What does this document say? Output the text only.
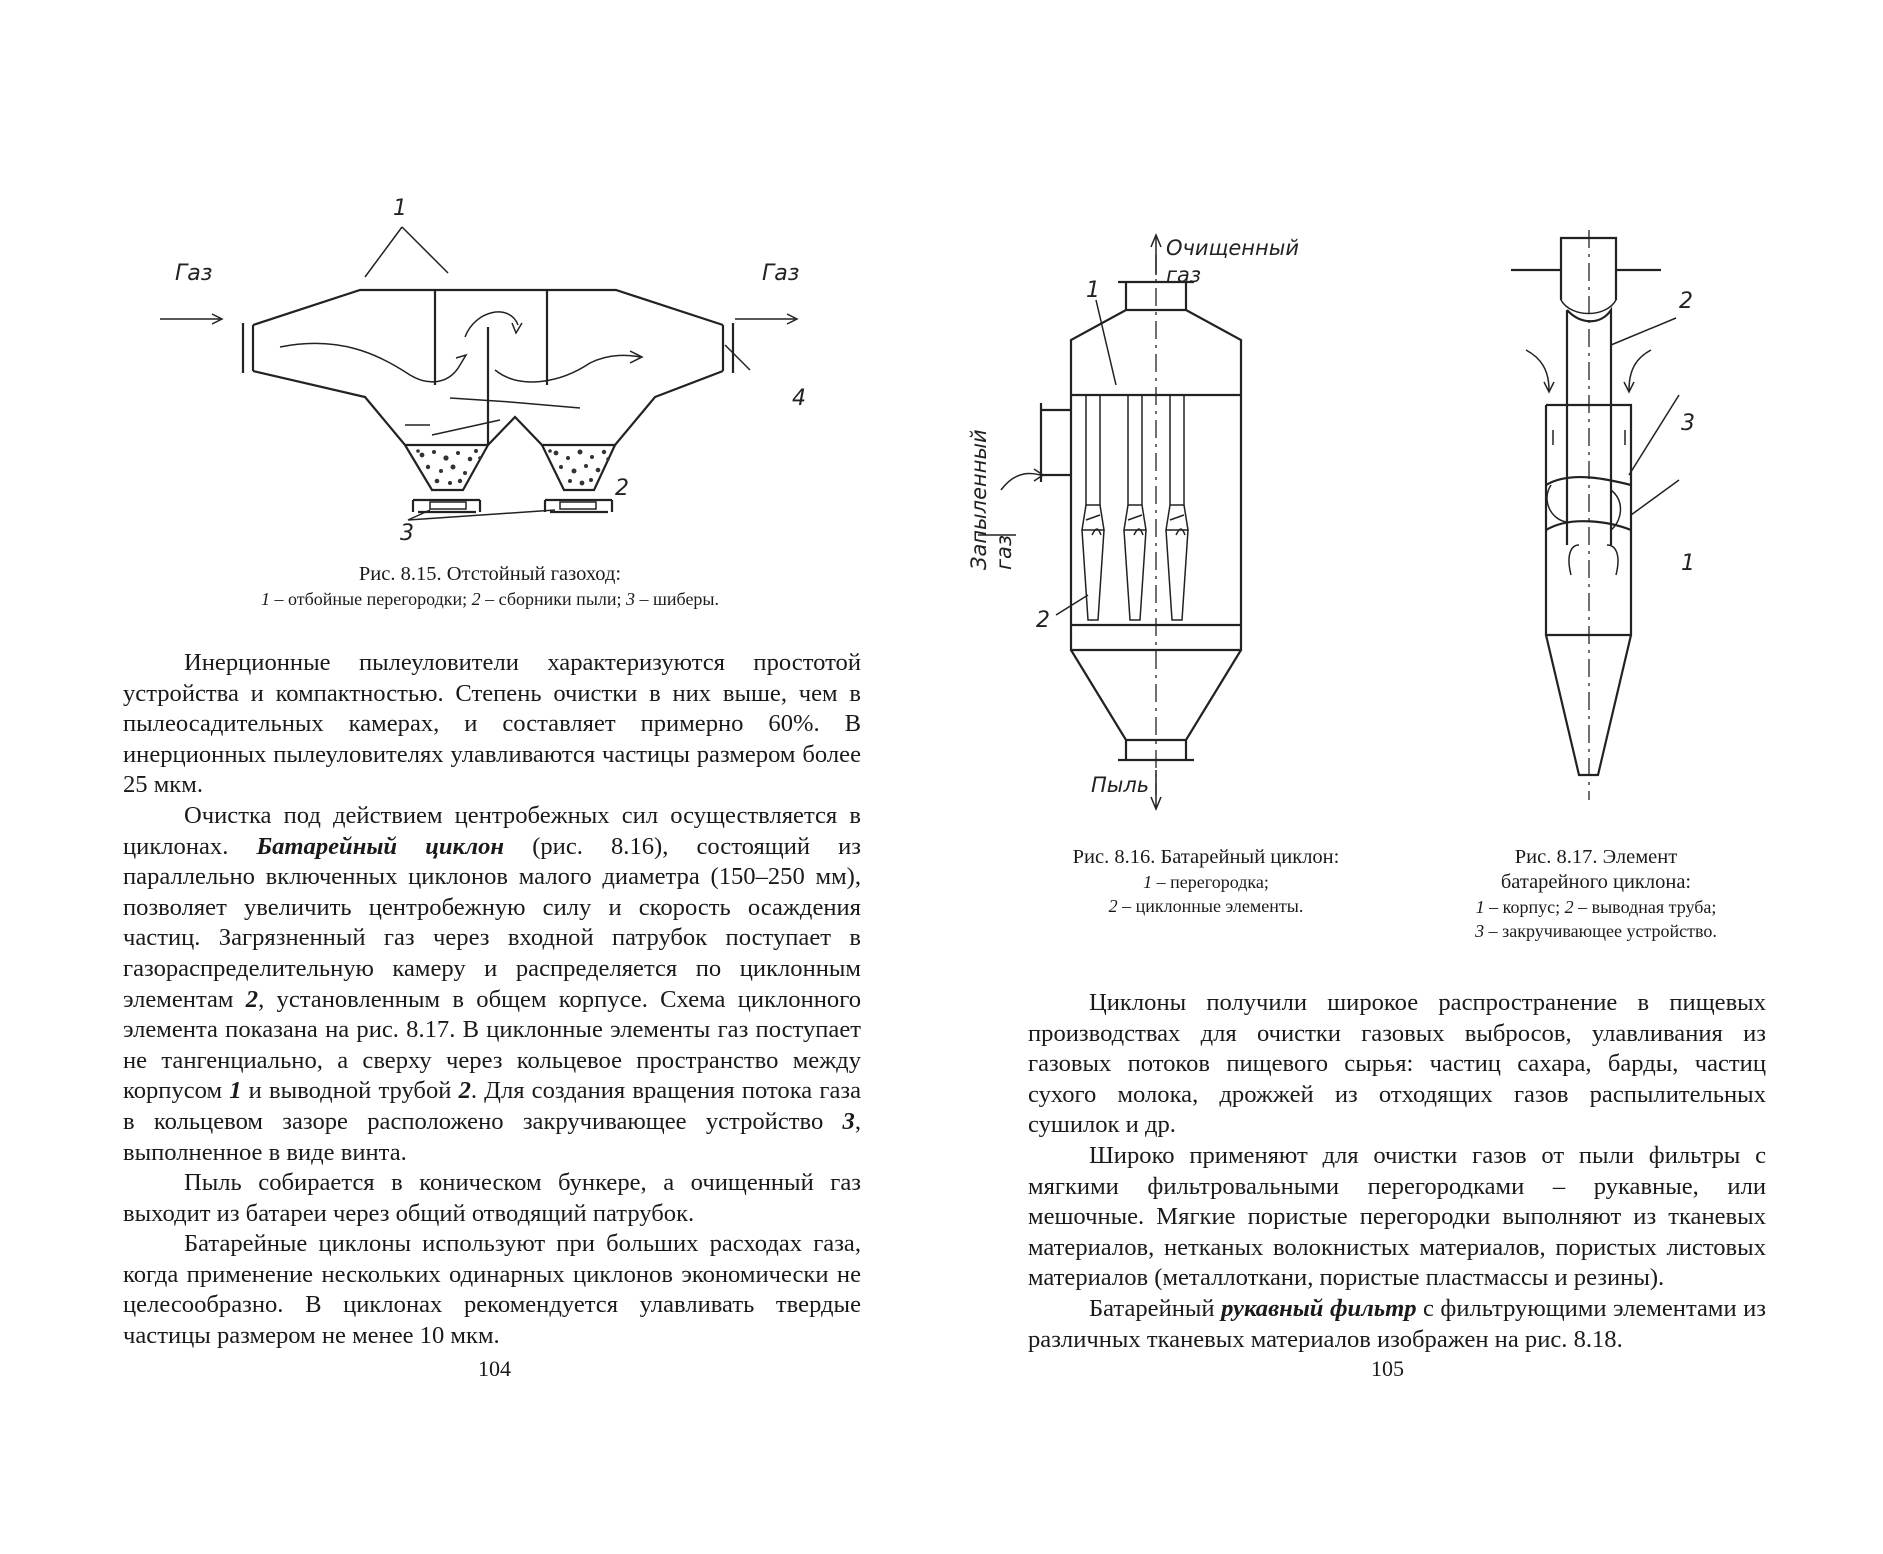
Газ	Газ
1
2
3
4
Рис. 8.15. Отстойный газоход:
1 – отбойные перегородки; 2 – сборники пыли; 3 – шиберы.

Инерционные пылеуловители характеризуются простотой устройства и компактностью. Степень очистки в них выше, чем в пылеосадительных камерах, и составляет примерно 60%. В инерционных пылеуловителях улавливаются частицы размером более 25 мкм.

Очистка под действием центробежных сил осуществляется в циклонах. Батарейный циклон (рис. 8.16), состоящий из параллельно включенных циклонов малого диаметра (150–250 мм), позволяет увеличить центробежную силу и скорость осаждения частиц. Загрязненный газ через входной патрубок поступает в газораспределительную камеру и распределяется по циклонным элементам 2, установленным в общем корпусе. Схема циклонного элемента показана на рис. 8.17. В циклонные элементы газ поступает не тангенциально, а сверху через кольцевое пространство между корпусом 1 и выводной трубой 2. Для создания вращения потока газа в кольцевом зазоре расположено закручивающее устройство 3, выполненное в виде винта.

Пыль собирается в коническом бункере, а очищенный газ выходит из батареи через общий отводящий патрубок.

Батарейные циклоны используют при больших расходах газа, когда применение нескольких одинарных циклонов экономически не целесообразно. В циклонах рекомендуется улавливать твердые частицы размером не менее 10 мкм.

104
Очищенный
газ
Запыленный газ
Пыль
1
2
2
3
1
Рис. 8.16. Батарейный циклон:
1 – перегородка;
2 – циклонные элементы.
Рис. 8.17. Элемент
батарейного циклона:
1 – корпус; 2 – выводная труба;
3 – закручивающее устройство.

Циклоны получили широкое распространение в пищевых производствах для очистки газовых выбросов, улавливания из газовых потоков пищевого сырья: частиц сахара, барды, частиц сухого молока, дрожжей из отходящих газов распылительных сушилок и др.

Широко применяют для очистки газов от пыли фильтры с мягкими фильтровальными перегородками – рукавные, или мешочные. Мягкие пористые перегородки выполняют из тканевых материалов, нетканых волокнистых материалов, пористых листовых материалов (металлоткани, пористые пластмассы и резины).

Батарейный рукавный фильтр с фильтрующими элементами из различных тканевых материалов изображен на рис. 8.18.

105
